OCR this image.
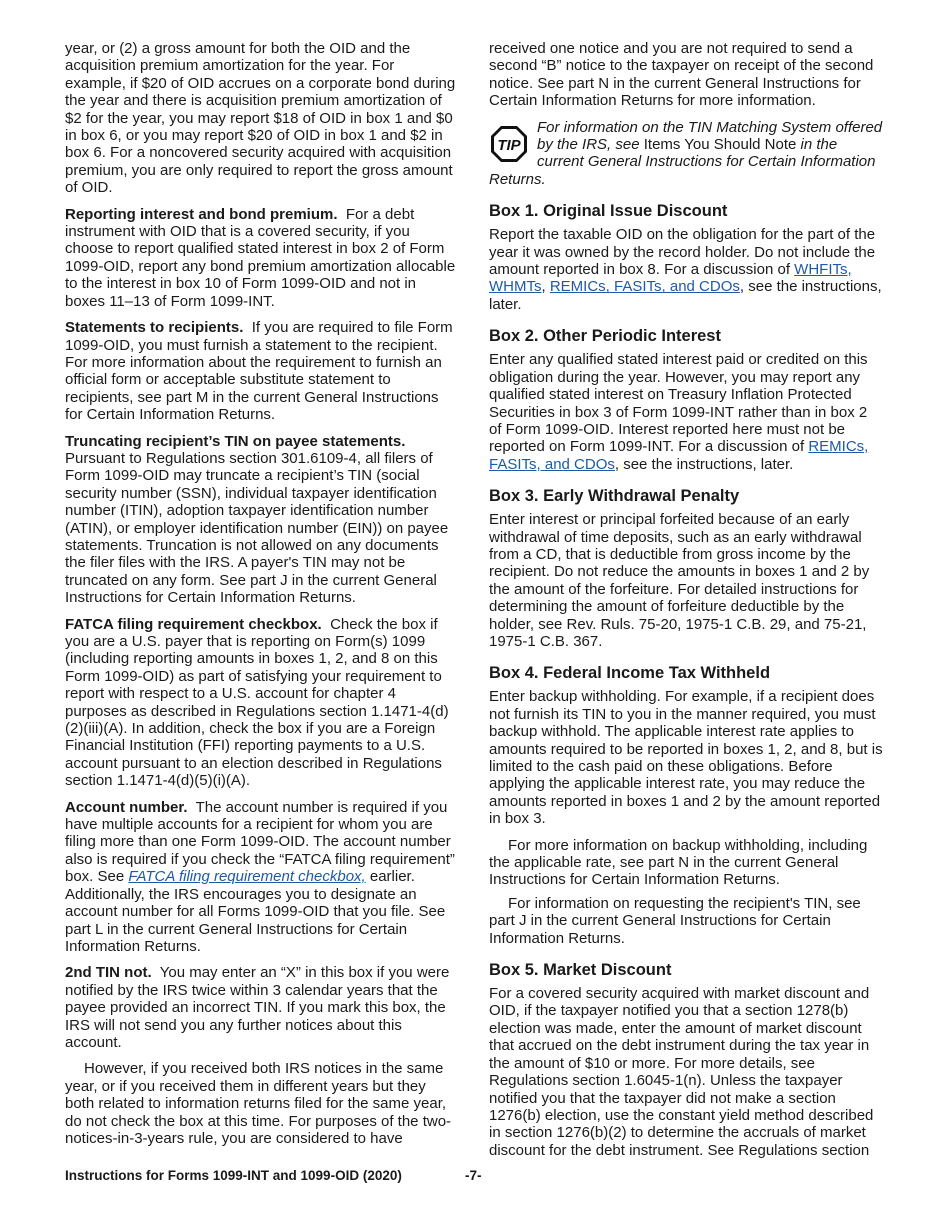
year, or (2) a gross amount for both the OID and the acquisition premium amortization for the year. For example, if $20 of OID accrues on a corporate bond during the year and there is acquisition premium amortization of $2 for the year, you may report $18 of OID in box 1 and $0 in box 6, or you may report $20 of OID in box 1 and $2 in box 6. For a noncovered security acquired with acquisition premium, you are only required to report the gross amount of OID.

Reporting interest and bond premium. For a debt instrument with OID that is a covered security, if you choose to report qualified stated interest in box 2 of Form 1099-OID, report any bond premium amortization allocable to the interest in box 10 of Form 1099-OID and not in boxes 11–13 of Form 1099-INT.

Statements to recipients. If you are required to file Form 1099-OID, you must furnish a statement to the recipient. For more information about the requirement to furnish an official form or acceptable substitute statement to recipients, see part M in the current General Instructions for Certain Information Returns.

Truncating recipient’s TIN on payee statements.
Pursuant to Regulations section 301.6109-4, all filers of Form 1099-OID may truncate a recipient’s TIN (social security number (SSN), individual taxpayer identification number (ITIN), adoption taxpayer identification number (ATIN), or employer identification number (EIN)) on payee statements. Truncation is not allowed on any documents the filer files with the IRS. A payer's TIN may not be truncated on any form. See part J in the current General Instructions for Certain Information Returns.

FATCA filing requirement checkbox. Check the box if you are a U.S. payer that is reporting on Form(s) 1099 (including reporting amounts in boxes 1, 2, and 8 on this Form 1099-OID) as part of satisfying your requirement to report with respect to a U.S. account for chapter 4 purposes as described in Regulations section 1.1471-4(d)(2)(iii)(A). In addition, check the box if you are a Foreign Financial Institution (FFI) reporting payments to a U.S. account pursuant to an election described in Regulations section 1.1471-4(d)(5)(i)(A).

Account number. The account number is required if you have multiple accounts for a recipient for whom you are filing more than one Form 1099-OID. The account number also is required if you check the “FATCA filing requirement” box. See FATCA filing requirement checkbox, earlier. Additionally, the IRS encourages you to designate an account number for all Forms 1099-OID that you file. See part L in the current General Instructions for Certain Information Returns.

2nd TIN not. You may enter an “X” in this box if you were notified by the IRS twice within 3 calendar years that the payee provided an incorrect TIN. If you mark this box, the IRS will not send you any further notices about this account.

However, if you received both IRS notices in the same year, or if you received them in different years but they both related to information returns filed for the same year, do not check the box at this time. For purposes of the two-notices-in-3-years rule, you are considered to have

received one notice and you are not required to send a second “B” notice to the taxpayer on receipt of the second notice. See part N in the current General Instructions for Certain Information Returns for more information.

TIP
For information on the TIN Matching System offered by the IRS, see Items You Should Note in the current General Instructions for Certain Information Returns.
Box 1. Original Issue Discount

Report the taxable OID on the obligation for the part of the year it was owned by the record holder. Do not include the amount reported in box 8. For a discussion of WHFITs, WHMTs, REMICs, FASITs, and CDOs, see the instructions, later.

Box 2. Other Periodic Interest

Enter any qualified stated interest paid or credited on this obligation during the year. However, you may report any qualified stated interest on Treasury Inflation Protected Securities in box 3 of Form 1099-INT rather than in box 2 of Form 1099-OID. Interest reported here must not be reported on Form 1099-INT. For a discussion of REMICs, FASITs, and CDOs, see the instructions, later.

Box 3. Early Withdrawal Penalty

Enter interest or principal forfeited because of an early withdrawal of time deposits, such as an early withdrawal from a CD, that is deductible from gross income by the recipient. Do not reduce the amounts in boxes 1 and 2 by the amount of the forfeiture. For detailed instructions for determining the amount of forfeiture deductible by the holder, see Rev. Ruls. 75-20, 1975-1 C.B. 29, and 75-21, 1975-1 C.B. 367.

Box 4. Federal Income Tax Withheld

Enter backup withholding. For example, if a recipient does not furnish its TIN to you in the manner required, you must backup withhold. The applicable interest rate applies to amounts required to be reported in boxes 1, 2, and 8, but is limited to the cash paid on these obligations. Before applying the applicable interest rate, you may reduce the amounts reported in boxes 1 and 2 by the amount reported in box 3.

For more information on backup withholding, including the applicable rate, see part N in the current General Instructions for Certain Information Returns.

For information on requesting the recipient's TIN, see part J in the current General Instructions for Certain Information Returns.

Box 5. Market Discount

For a covered security acquired with market discount and OID, if the taxpayer notified you that a section 1278(b) election was made, enter the amount of market discount that accrued on the debt instrument during the tax year in the amount of $10 or more. For more details, see Regulations section 1.6045-1(n). Unless the taxpayer notified you that the taxpayer did not make a section 1276(b) election, use the constant yield method described in section 1276(b)(2) to determine the accruals of market discount for the debt instrument. See Regulations section

Instructions for Forms 1099-INT and 1099-OID (2020)	-7-
